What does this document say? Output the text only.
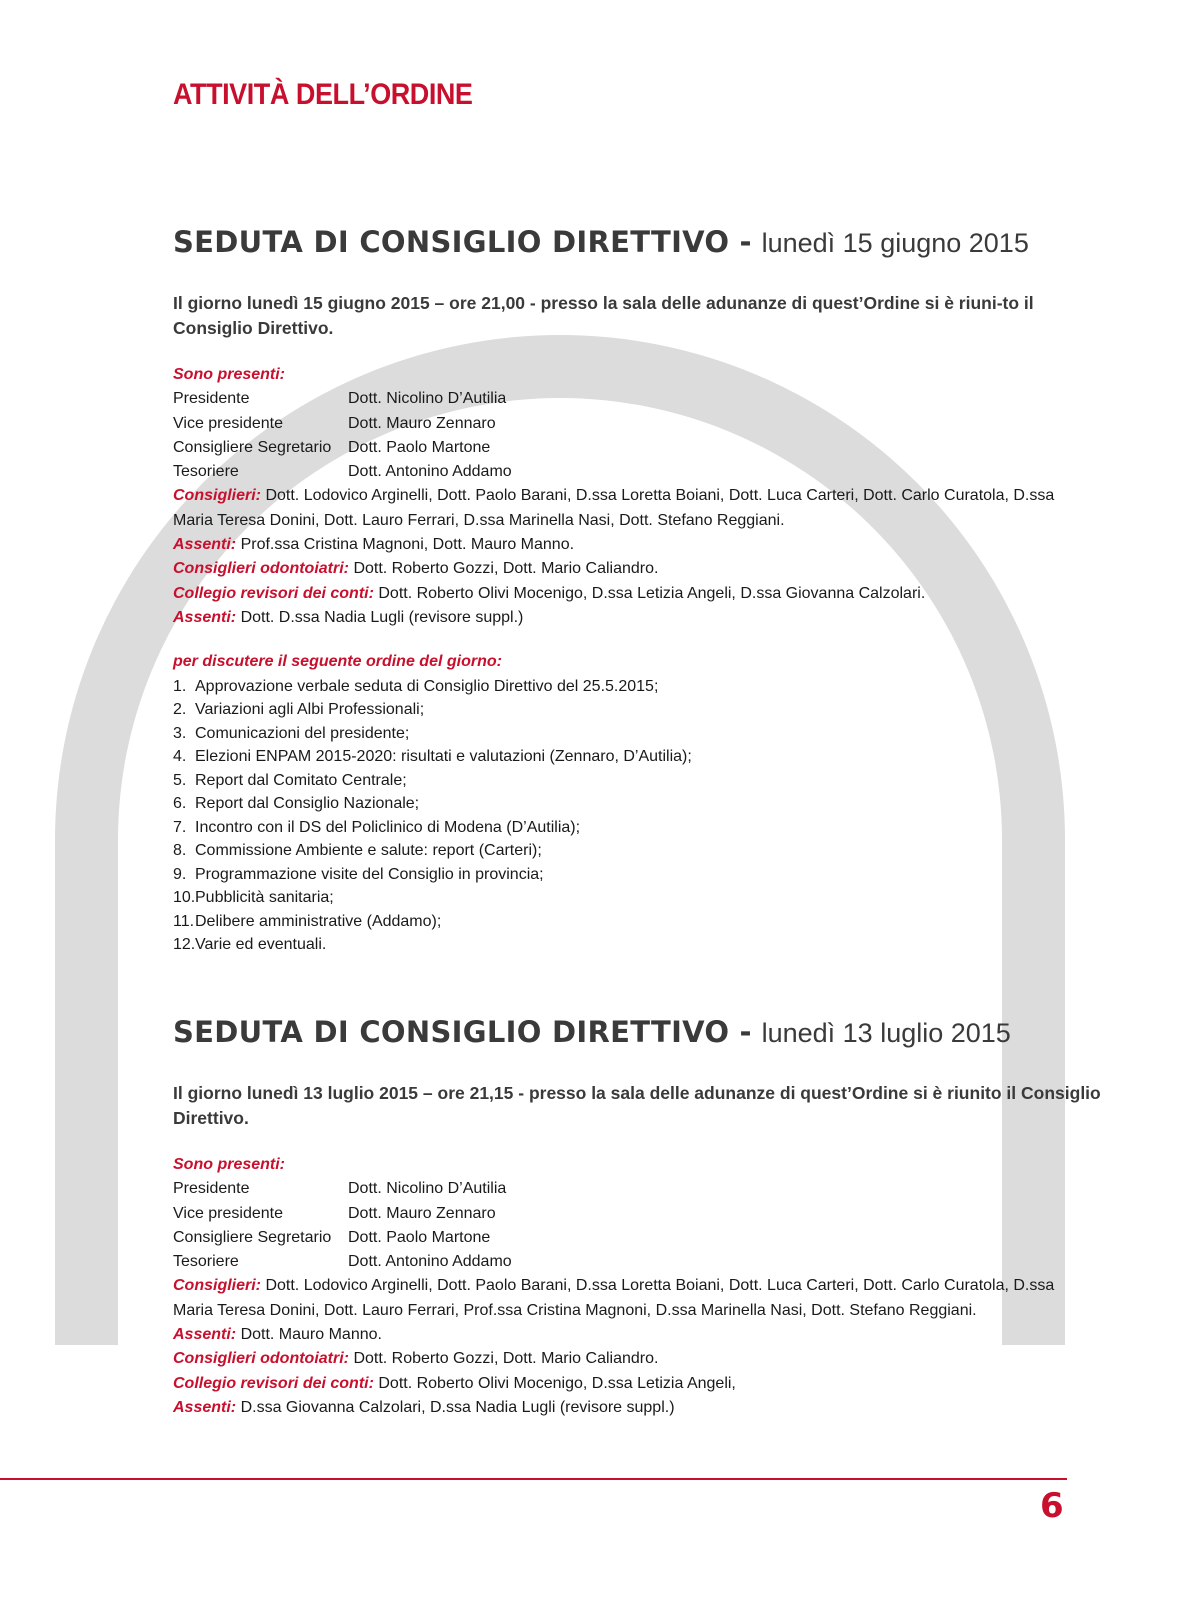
ATTIVITÀ DELL’ORDINE
SEDUTA DI CONSIGLIO DIRETTIVO - lunedì 15 giugno 2015

Il giorno lunedì 15 giugno 2015 – ore 21,00 - presso la sala delle adunanze di quest’Ordine si è riuni-to il Consiglio Direttivo.

Sono presenti:
Presidente	Dott. Nicolino D’Autilia
Vice presidente	Dott. Mauro Zennaro
Consigliere Segretario	Dott. Paolo Martone
Tesoriere	Dott. Antonino Addamo
Consiglieri: Dott. Lodovico Arginelli, Dott. Paolo Barani, D.ssa Loretta Boiani, Dott. Luca Carteri, Dott. Carlo Curatola, D.ssa
Maria Teresa Donini, Dott. Lauro Ferrari, D.ssa Marinella Nasi, Dott. Stefano Reggiani.
Assenti: Prof.ssa Cristina Magnoni, Dott. Mauro Manno.
Consiglieri odontoiatri: Dott. Roberto Gozzi, Dott. Mario Caliandro.
Collegio revisori dei conti: Dott. Roberto Olivi Mocenigo, D.ssa Letizia Angeli, D.ssa Giovanna Calzolari.
Assenti: Dott. D.ssa Nadia Lugli (revisore suppl.)
per discutere il seguente ordine del giorno:
1. Approvazione verbale seduta di Consiglio Direttivo del 25.5.2015;
2. Variazioni agli Albi Professionali;
3. Comunicazioni del presidente;
4. Elezioni ENPAM 2015-2020: risultati e valutazioni (Zennaro, D’Autilia);
5. Report dal Comitato Centrale;
6. Report dal Consiglio Nazionale;
7. Incontro con il DS del Policlinico di Modena (D’Autilia);
8. Commissione Ambiente e salute: report (Carteri);
9. Programmazione visite del Consiglio in provincia;
10. Pubblicità sanitaria;
11. Delibere amministrative (Addamo);
12. Varie ed eventuali.
SEDUTA DI CONSIGLIO DIRETTIVO - lunedì 13 luglio 2015

Il giorno lunedì 13 luglio 2015 – ore 21,15 - presso la sala delle adunanze di quest’Ordine si è riunito il Consiglio Direttivo.

Sono presenti:
Presidente	Dott. Nicolino D’Autilia
Vice presidente	Dott. Mauro Zennaro
Consigliere Segretario	Dott. Paolo Martone
Tesoriere	Dott. Antonino Addamo
Consiglieri: Dott. Lodovico Arginelli, Dott. Paolo Barani, D.ssa Loretta Boiani, Dott. Luca Carteri, Dott. Carlo Curatola, D.ssa
Maria Teresa Donini, Dott. Lauro Ferrari, Prof.ssa Cristina Magnoni, D.ssa Marinella Nasi, Dott. Stefano Reggiani.
Assenti: Dott. Mauro Manno.
Consiglieri odontoiatri: Dott. Roberto Gozzi, Dott. Mario Caliandro.
Collegio revisori dei conti: Dott. Roberto Olivi Mocenigo, D.ssa Letizia Angeli,
Assenti: D.ssa Giovanna Calzolari, D.ssa Nadia Lugli (revisore suppl.)
6
